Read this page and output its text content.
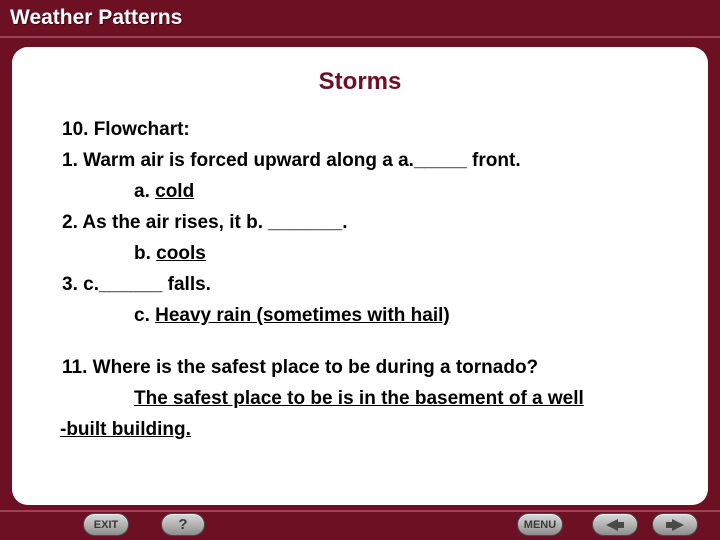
Weather Patterns
Storms
10. Flowchart:
1. Warm air is forced upward along a a._____ front.
a. cold
2. As the air rises, it b. _______.
b. cools
3. c.______ falls.
c. Heavy rain (sometimes with hail)
11. Where is the safest place to be during a tornado?
The safest place to be is in the basement of a well
-built building.
EXIT	?	MENU
